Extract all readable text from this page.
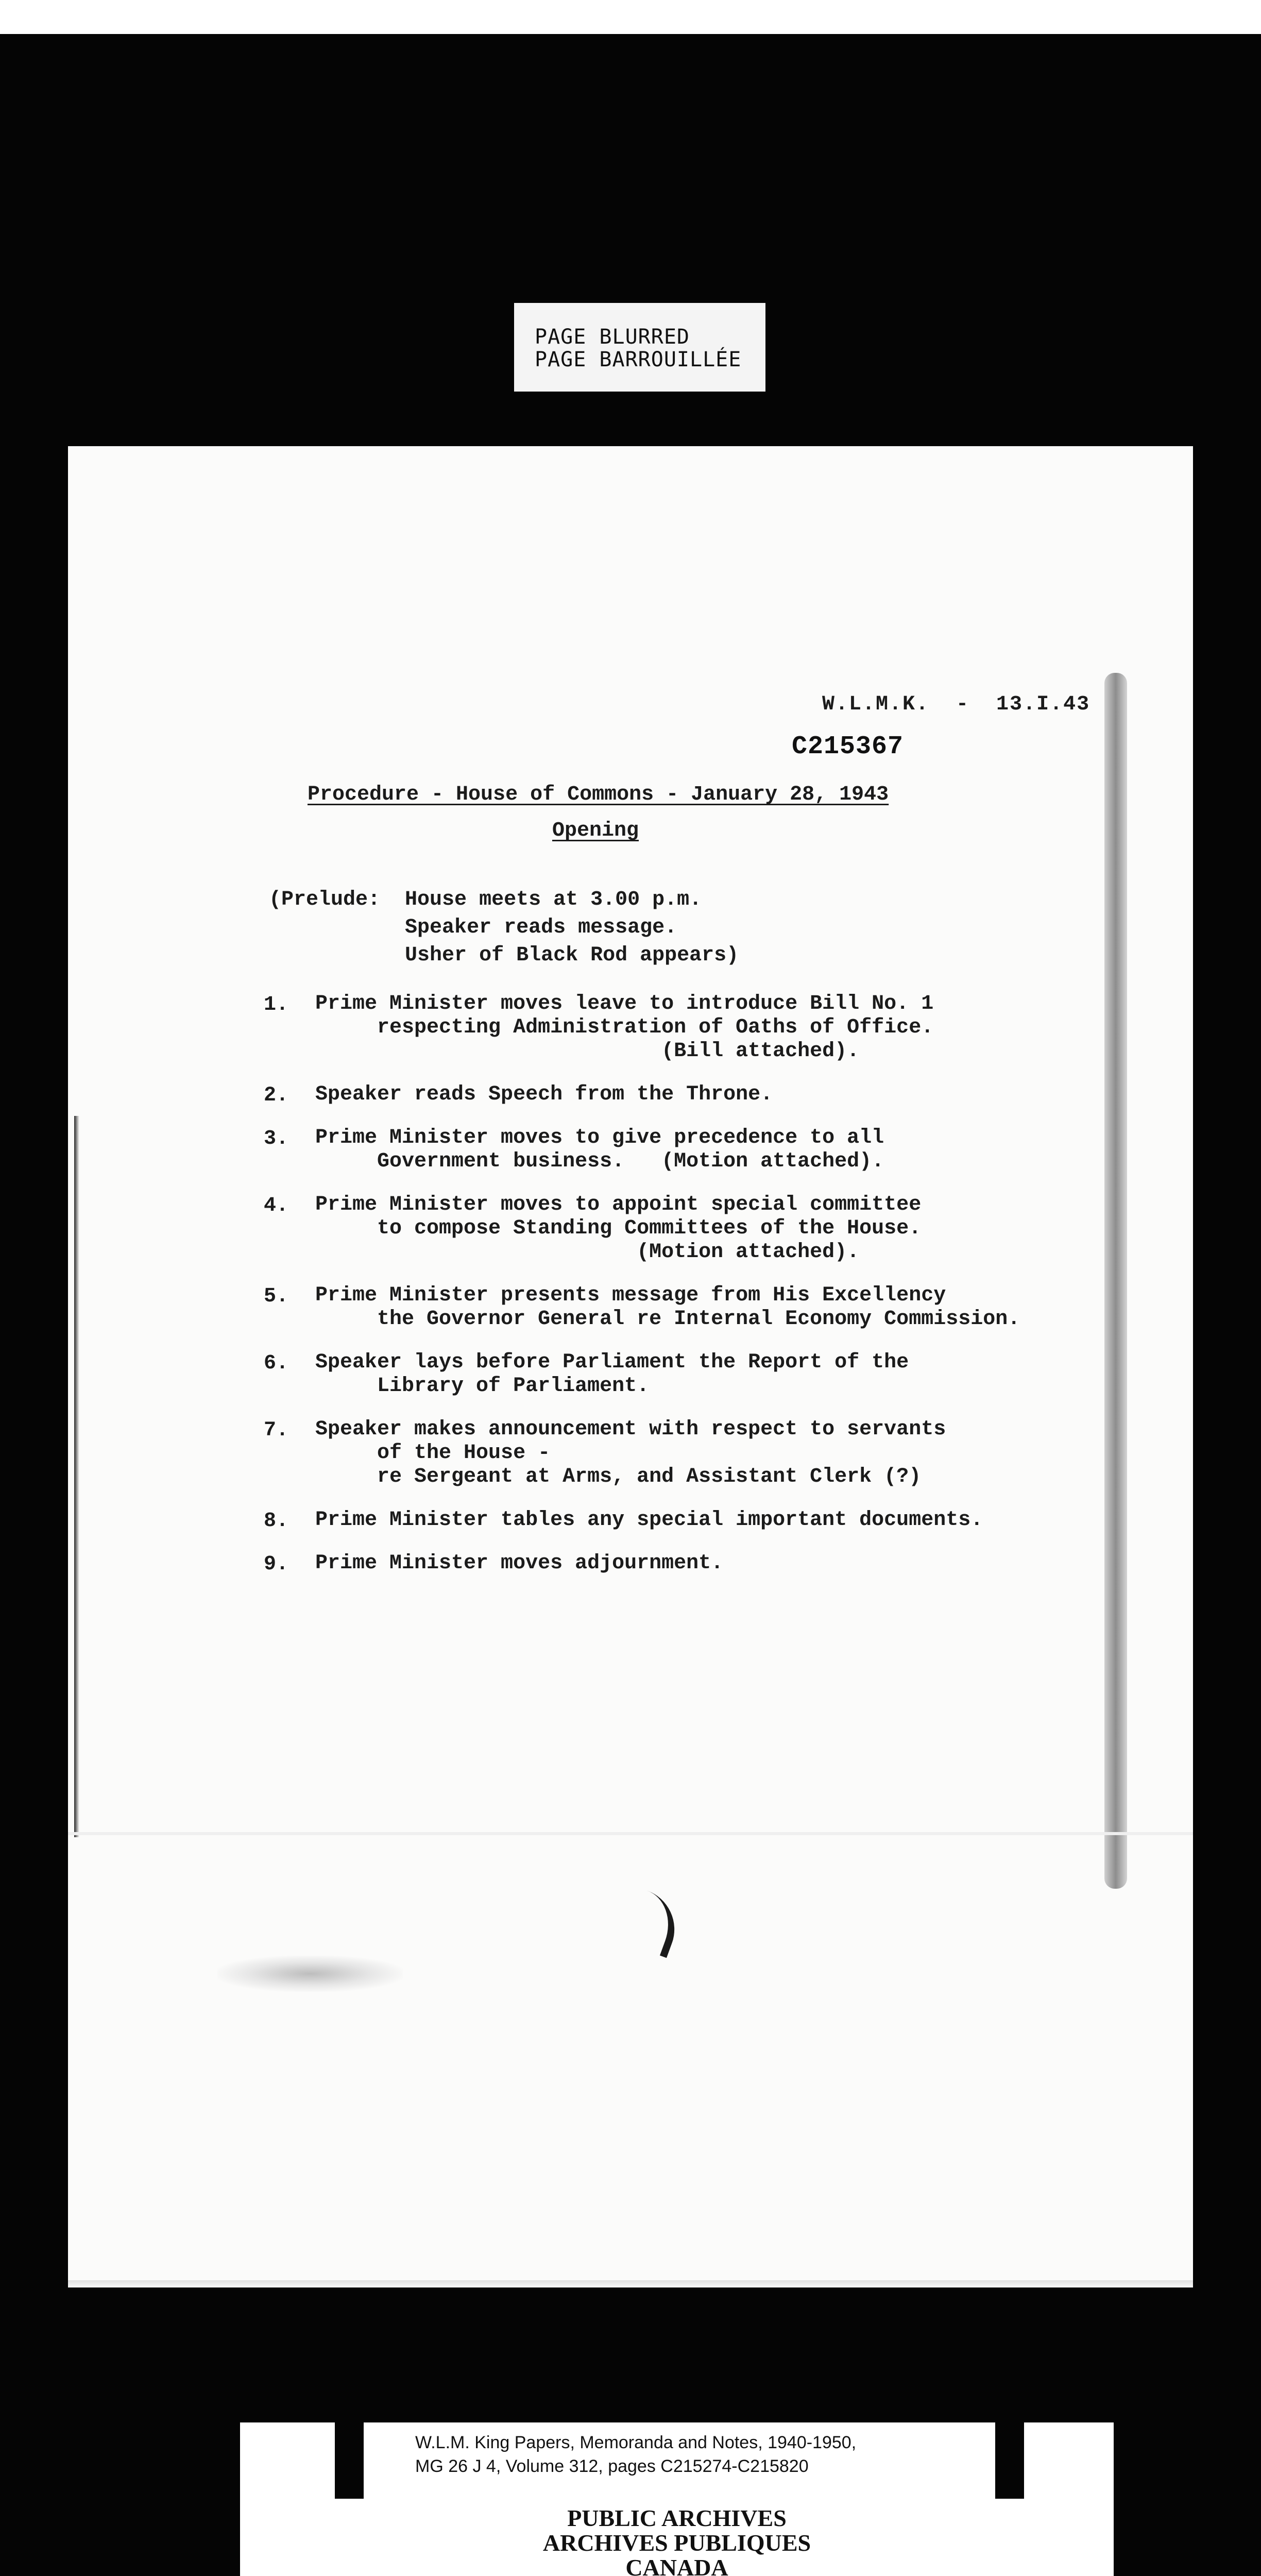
PAGE BLURRED
PAGE BARROUILLÉE
W.L.M.K.  -  13.I.43
C215367
Procedure - House of Commons - January 28, 1943
Opening
(Prelude:  House meets at 3.00 p.m.
Speaker reads message.
Usher of Black Rod appears)
1. Prime Minister moves leave to introduce Bill No. 1
respecting Administration of Oaths of Office.
(Bill attached).
2. Speaker reads Speech from the Throne.
3. Prime Minister moves to give precedence to all
Government business.   (Motion attached).
4. Prime Minister moves to appoint special committee
to compose Standing Committees of the House.
(Motion attached).
5. Prime Minister presents message from His Excellency
the Governor General re Internal Economy Commission.
6. Speaker lays before Parliament the Report of the
Library of Parliament.
7. Speaker makes announcement with respect to servants
of the House -
re Sergeant at Arms, and Assistant Clerk (?)
8. Prime Minister tables any special important documents.
9. Prime Minister moves adjournment.
W.L.M. King Papers, Memoranda and Notes, 1940-1950,
MG 26 J 4, Volume 312, pages C215274-C215820
PUBLIC ARCHIVES
ARCHIVES PUBLIQUES
CANADA
